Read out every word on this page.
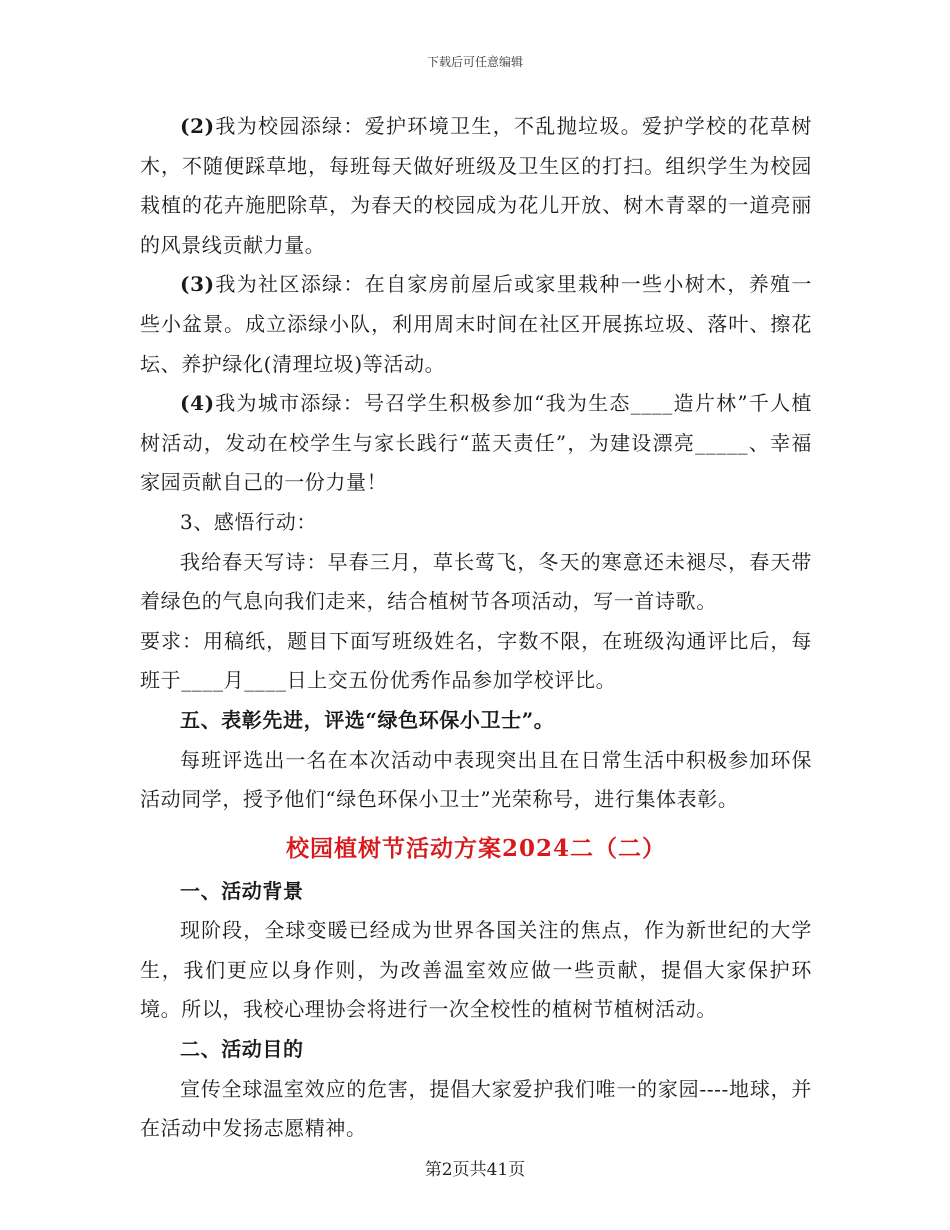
下载后可任意编辑

(2)我为校园添绿：爱护环境卫生，不乱抛垃圾。爱护学校的花草树木，不随便踩草地，每班每天做好班级及卫生区的打扫。组织学生为校园栽植的花卉施肥除草，为春天的校园成为花儿开放、树木青翠的一道亮丽的风景线贡献力量。

(3)我为社区添绿：在自家房前屋后或家里栽种一些小树木，养殖一些小盆景。成立添绿小队，利用周末时间在社区开展拣垃圾、落叶、擦花坛、养护绿化(清理垃圾)等活动。

(4)我为城市添绿：号召学生积极参加“我为生态____造片林”千人植树活动，发动在校学生与家长践行“蓝天责任”，为建设漂亮_____、幸福家园贡献自己的一份力量！

3、感悟行动：

我给春天写诗：早春三月，草长莺飞，冬天的寒意还未褪尽，春天带着绿色的气息向我们走来，结合植树节各项活动，写一首诗歌。

要求：用稿纸，题目下面写班级姓名，字数不限，在班级沟通评比后，每班于____月____日上交五份优秀作品参加学校评比。

五、表彰先进，评选“绿色环保小卫士”。

每班评选出一名在本次活动中表现突出且在日常生活中积极参加环保活动同学，授予他们“绿色环保小卫士”光荣称号，进行集体表彰。

校园植树节活动方案2024二（二）

一、活动背景

现阶段，全球变暖已经成为世界各国关注的焦点，作为新世纪的大学生，我们更应以身作则，为改善温室效应做一些贡献，提倡大家保护环境。所以，我校心理协会将进行一次全校性的植树节植树活动。

二、活动目的

宣传全球温室效应的危害，提倡大家爱护我们唯一的家园----地球，并在活动中发扬志愿精神。

第2页共41页
